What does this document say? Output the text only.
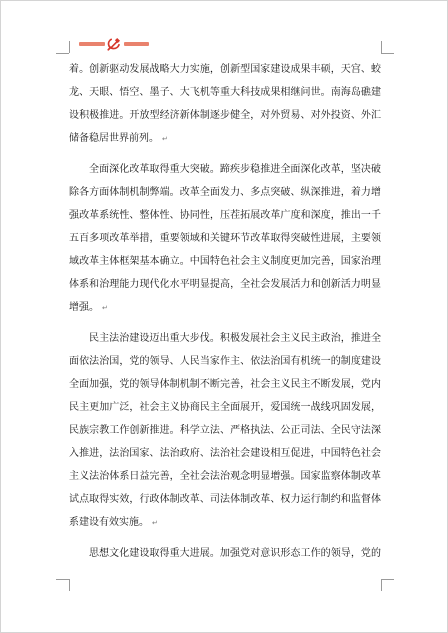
着。创新驱动发展战略大力实施，创新型国家建设成果丰硕，天宫、蛟
龙、天眼、悟空、墨子、大飞机等重大科技成果相继问世。南海岛礁建
设积极推进。开放型经济新体制逐步健全，对外贸易、对外投资、外汇
储备稳居世界前列。 ↵
全面深化改革取得重大突破。蹄疾步稳推进全面深化改革，坚决破
除各方面体制机制弊端。改革全面发力、多点突破、纵深推进，着力增
强改革系统性、整体性、协同性，压茬拓展改革广度和深度，推出一千
五百多项改革举措，重要领域和关键环节改革取得突破性进展，主要领
域改革主体框架基本确立。中国特色社会主义制度更加完善，国家治理
体系和治理能力现代化水平明显提高，全社会发展活力和创新活力明显
增强。 ↵
民主法治建设迈出重大步伐。积极发展社会主义民主政治，推进全
面依法治国，党的领导、人民当家作主、依法治国有机统一的制度建设
全面加强，党的领导体制机制不断完善，社会主义民主不断发展，党内
民主更加广泛，社会主义协商民主全面展开，爱国统一战线巩固发展，
民族宗教工作创新推进。科学立法、严格执法、公正司法、全民守法深
入推进，法治国家、法治政府、法治社会建设相互促进，中国特色社会
主义法治体系日益完善，全社会法治观念明显增强。国家监察体制改革
试点取得实效，行政体制改革、司法体制改革、权力运行制约和监督体
系建设有效实施。 ↵
思想文化建设取得重大进展。加强党对意识形态工作的领导，党的
